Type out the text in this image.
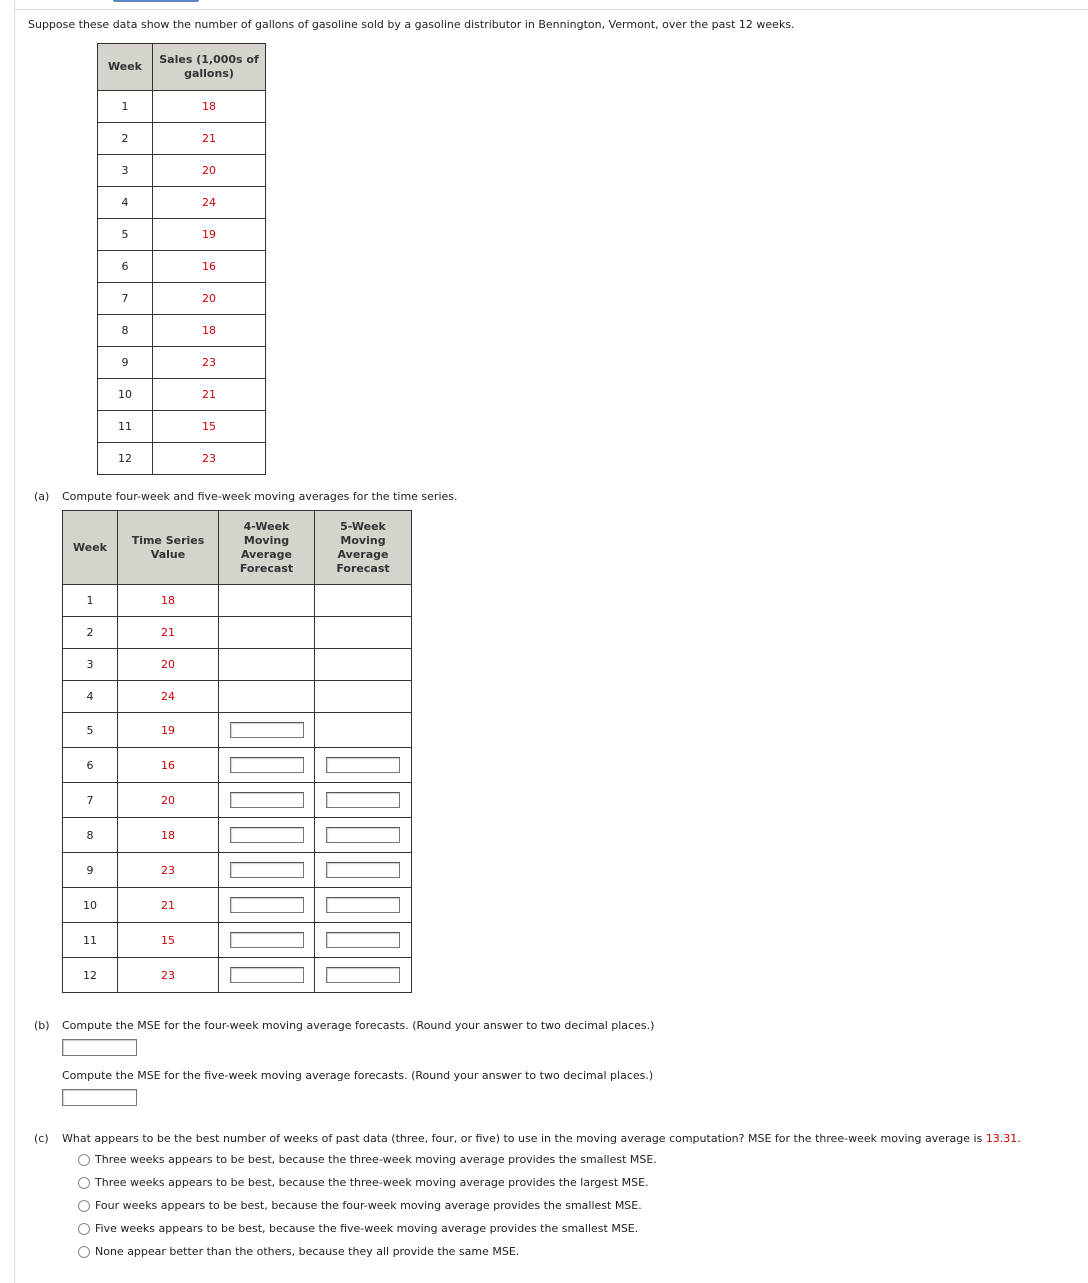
Suppose these data show the number of gallons of gasoline sold by a gasoline distributor in Bennington, Vermont, over the past 12 weeks.
Week	Sales (1,000s of gallons)
1	18
2	21
3	20
4	24
5	19
6	16
7	20
8	18
9	23
10	21
11	15
12	23
(a) Compute four-week and five-week moving averages for the time series.
Week	Time Series Value	4-Week Moving Average Forecast	5-Week Moving Average Forecast
1	18		
2	21		
3	20		
4	24		
5	19		
6	16		
7	20		
8	18		
9	23		
10	21		
11	15		
12	23		
(b) Compute the MSE for the four-week moving average forecasts. (Round your answer to two decimal places.)
Compute the MSE for the five-week moving average forecasts. (Round your answer to two decimal places.)
(c) What appears to be the best number of weeks of past data (three, four, or five) to use in the moving average computation? MSE for the three-week moving average is 13.31.
Three weeks appears to be best, because the three-week moving average provides the smallest MSE.
Three weeks appears to be best, because the three-week moving average provides the largest MSE.
Four weeks appears to be best, because the four-week moving average provides the smallest MSE.
Five weeks appears to be best, because the five-week moving average provides the smallest MSE.
None appear better than the others, because they all provide the same MSE.
